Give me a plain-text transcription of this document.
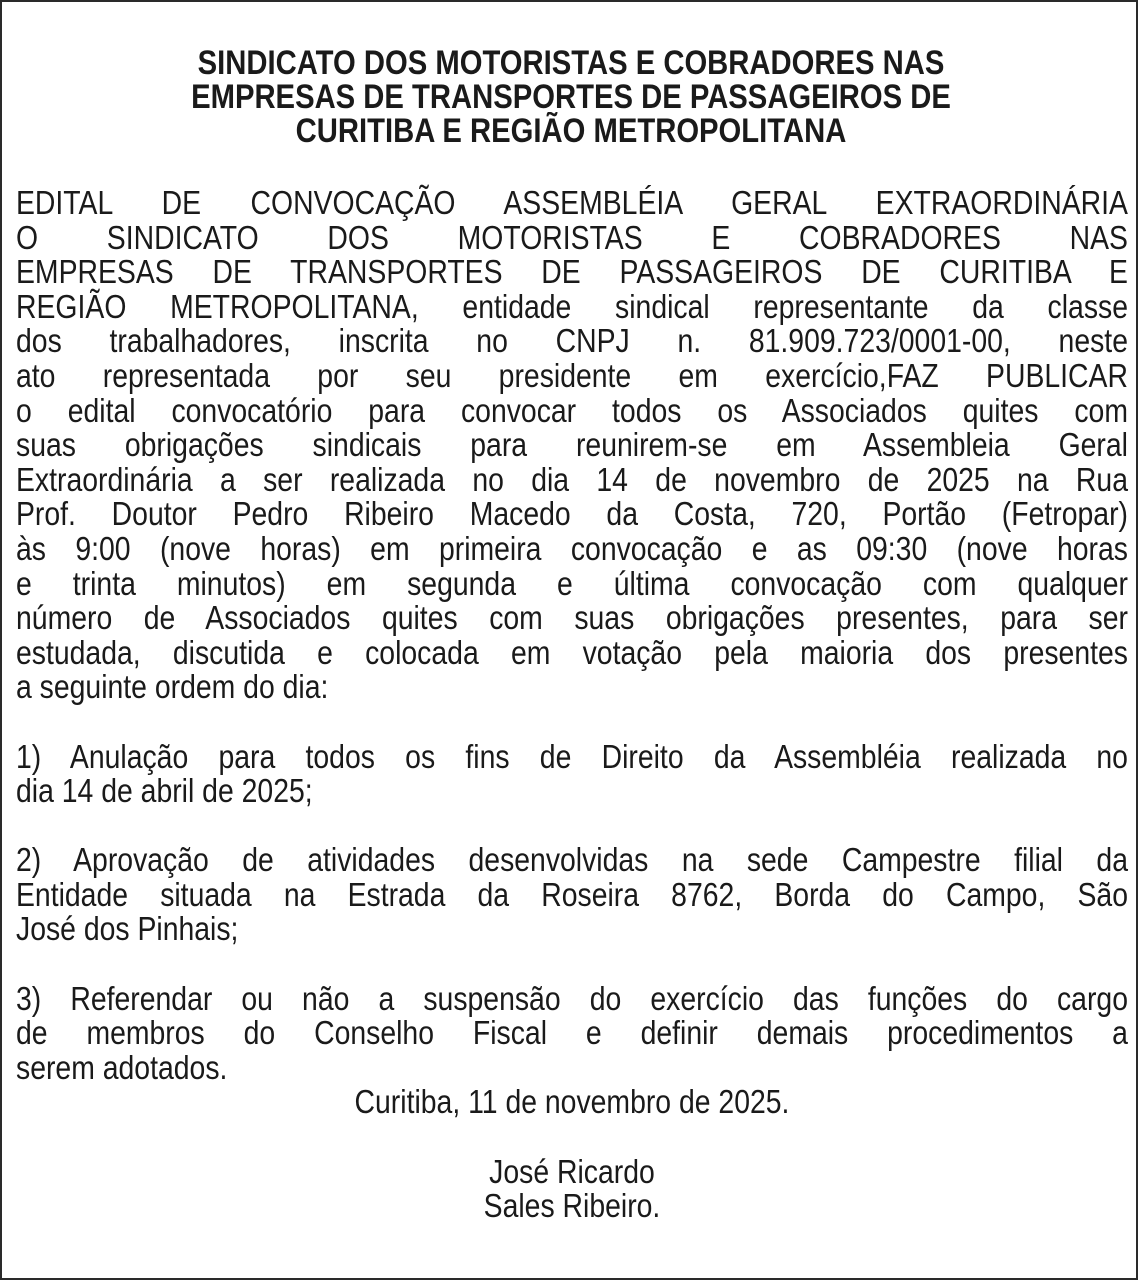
SINDICATO DOS MOTORISTAS E COBRADORES NAS
EMPRESAS DE TRANSPORTES DE PASSAGEIROS DE
CURITIBA E REGIÃO METROPOLITANA
EDITAL DE CONVOCAÇÃO ASSEMBLÉIA GERAL EXTRAORDINÁRIA
O SINDICATO DOS MOTORISTAS E COBRADORES NAS
EMPRESAS DE TRANSPORTES DE PASSAGEIROS DE CURITIBA E
REGIÃO METROPOLITANA, entidade sindical representante da classe
dos trabalhadores, inscrita no CNPJ n. 81.909.723/0001-00, neste
ato representada por seu presidente em exercício,FAZ PUBLICAR
o edital convocatório para convocar todos os Associados quites com
suas obrigações sindicais para reunirem-se em Assembleia Geral
Extraordinária a ser realizada no dia 14 de novembro de 2025 na Rua
Prof. Doutor Pedro Ribeiro Macedo da Costa, 720, Portão (Fetropar)
às 9:00 (nove horas) em primeira convocação e as 09:30 (nove horas
e trinta minutos) em segunda e última convocação com qualquer
número de Associados quites com suas obrigações presentes, para ser
estudada, discutida e colocada em votação pela maioria dos presentes
a seguinte ordem do dia:
1) Anulação para todos os fins de Direito da Assembléia realizada no
dia 14 de abril de 2025;
2) Aprovação de atividades desenvolvidas na sede Campestre filial da
Entidade situada na Estrada da Roseira 8762, Borda do Campo, São
José dos Pinhais;
3) Referendar ou não a suspensão do exercício das funções do cargo
de membros do Conselho Fiscal e definir demais procedimentos a
serem adotados.
Curitiba, 11 de novembro de 2025.
José Ricardo
Sales Ribeiro.
